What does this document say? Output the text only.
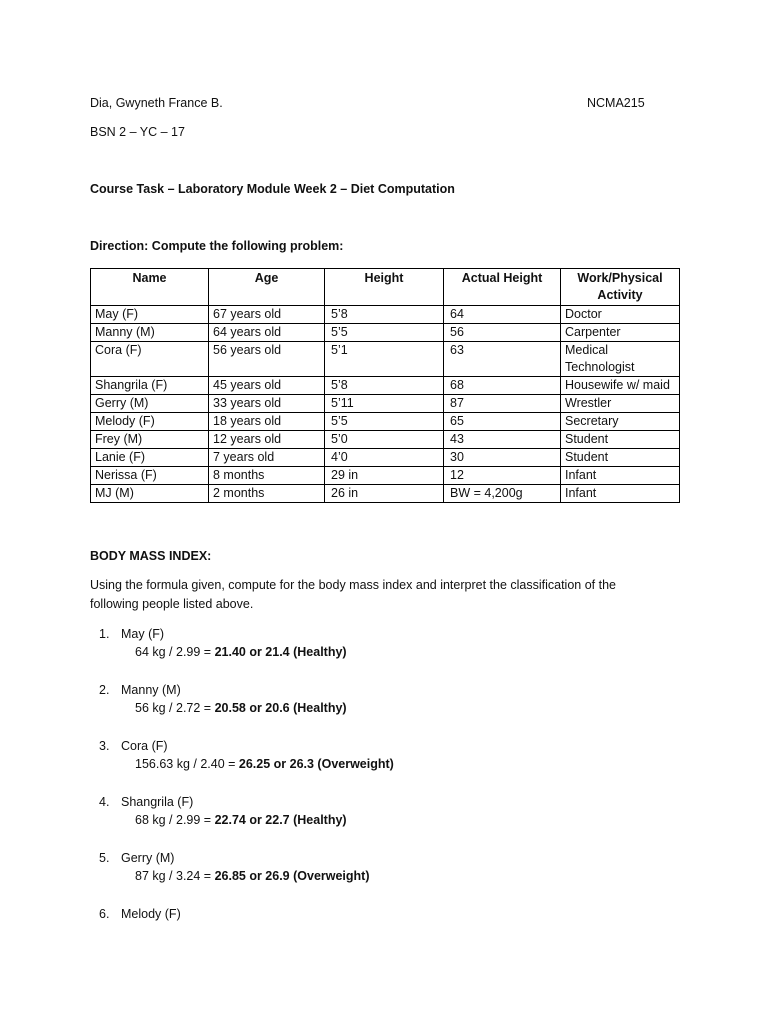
Dia, Gwyneth France B.	NCMA215
BSN 2 – YC – 17
Course Task – Laboratory Module Week 2 – Diet Computation
Direction: Compute the following problem:
Name	Age	Height	Actual Height	Work/Physical Activity
May (F)	67 years old	5’8	64	Doctor
Manny (M)	64 years old	5’5	56	Carpenter
Cora (F)	56 years old	5’1	63	Medical Technologist
Shangrila (F)	45 years old	5’8	68	Housewife w/ maid
Gerry (M)	33 years old	5’11	87	Wrestler
Melody (F)	18 years old	5’5	65	Secretary
Frey (M)	12 years old	5’0	43	Student
Lanie (F)	7 years old	4’0	30	Student
Nerissa (F)	8 months	29 in	12	Infant
MJ (M)	2 months	26 in	BW = 4,200g	Infant
BODY MASS INDEX:
Using the formula given, compute for the body mass index and interpret the classification of the
following people listed above.
1. May (F)
64 kg / 2.99 = 21.40 or 21.4 (Healthy)
2. Manny (M)
56 kg / 2.72 = 20.58 or 20.6 (Healthy)
3. Cora (F)
156.63 kg / 2.40 = 26.25 or 26.3 (Overweight)
4. Shangrila (F)
68 kg / 2.99 = 22.74 or 22.7 (Healthy)
5. Gerry (M)
87 kg / 3.24 = 26.85 or 26.9 (Overweight)
6. Melody (F)
